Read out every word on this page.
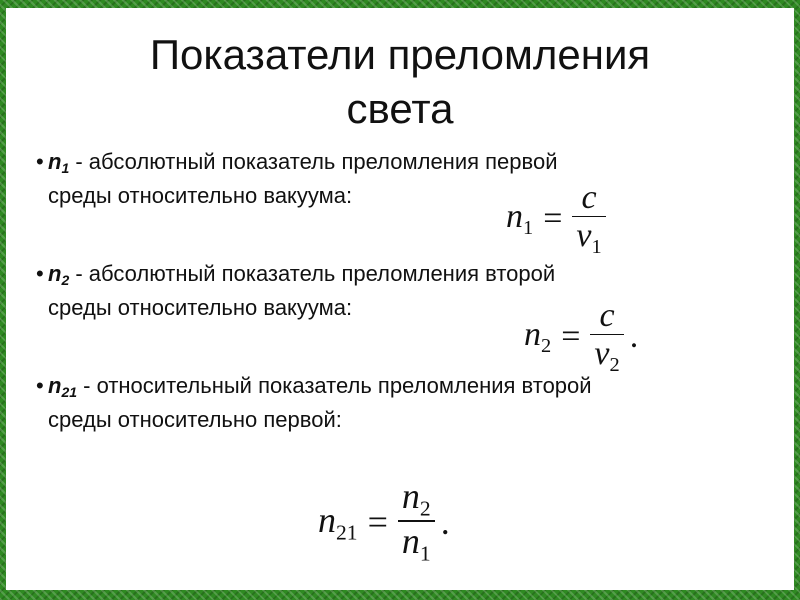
Показатели преломления
света
• $n_1$ - абсолютный показатель преломления первой
среды относительно вакуума:
$n_1 = \frac{c}{v_1}$
• $n_2$ - абсолютный показатель преломления второй
среды относительно вакуума:
$n_2 = \frac{c}{v_2}$ .
• $n_{21}$ - относительный показатель преломления второй
среды относительно первой:
$n_{21} = \frac{n_2}{n_1}$ .
